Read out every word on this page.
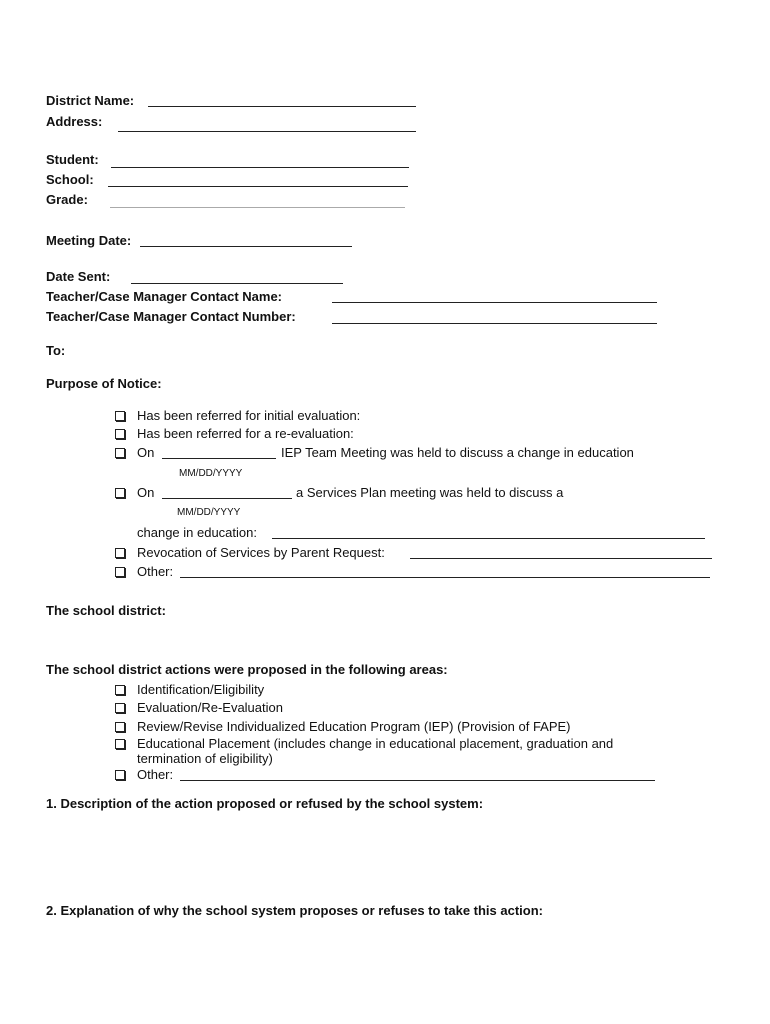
District Name:
Address:
Student:
School:
Grade:
Meeting Date:
Date Sent:
Teacher/Case Manager Contact Name:
Teacher/Case Manager Contact Number:
To:
Purpose of Notice:
Has been referred for initial evaluation:
Has been referred for a re-evaluation:
On	IEP Team Meeting was held to discuss a change in education
MM/DD/YYYY
On	a Services Plan meeting was held to discuss a
MM/DD/YYYY
change in education:
Revocation of Services by Parent Request:
Other:
The school district:
The school district actions were proposed in the following areas:
Identification/Eligibility
Evaluation/Re-Evaluation
Review/Revise Individualized Education Program (IEP) (Provision of FAPE)
Educational Placement (includes change in educational placement, graduation and
termination of eligibility)
Other:
1. Description of the action proposed or refused by the school system:
2. Explanation of why the school system proposes or refuses to take this action:
